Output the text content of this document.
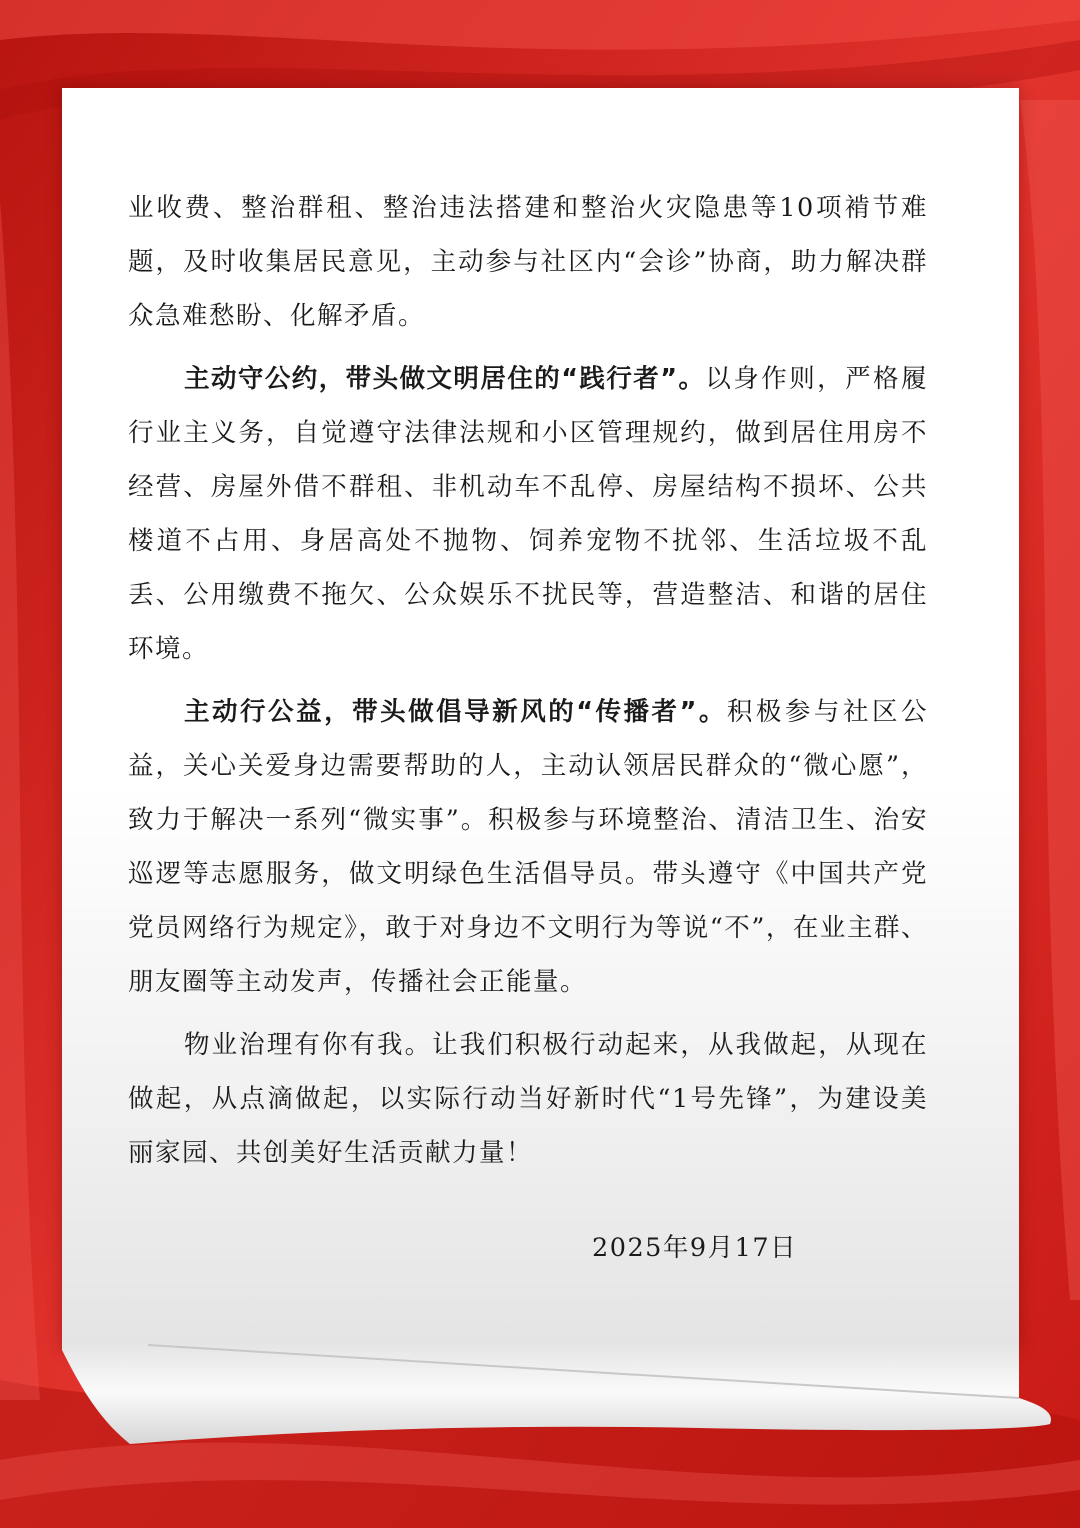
业收费、整治群租、整治违法搭建和整治火灾隐患等10项褃节难题，及时收集居民意见，主动参与社区内“会诊”协商，助力解决群众急难愁盼、化解矛盾。

主动守公约，带头做文明居住的“践行者”。以身作则，严格履行业主义务，自觉遵守法律法规和小区管理规约，做到居住用房不经营、房屋外借不群租、非机动车不乱停、房屋结构不损坏、公共楼道不占用、身居高处不抛物、饲养宠物不扰邻、生活垃圾不乱丢、公用缴费不拖欠、公众娱乐不扰民等，营造整洁、和谐的居住环境。

主动行公益，带头做倡导新风的“传播者”。积极参与社区公益，关心关爱身边需要帮助的人，主动认领居民群众的“微心愿”，致力于解决一系列“微实事”。积极参与环境整治、清洁卫生、治安巡逻等志愿服务，做文明绿色生活倡导员。带头遵守《中国共产党党员网络行为规定》，敢于对身边不文明行为等说“不”，在业主群、朋友圈等主动发声，传播社会正能量。

物业治理有你有我。让我们积极行动起来，从我做起，从现在做起，从点滴做起，以实际行动当好新时代“1号先锋”，为建设美丽家园、共创美好生活贡献力量！

2025年9月17日
